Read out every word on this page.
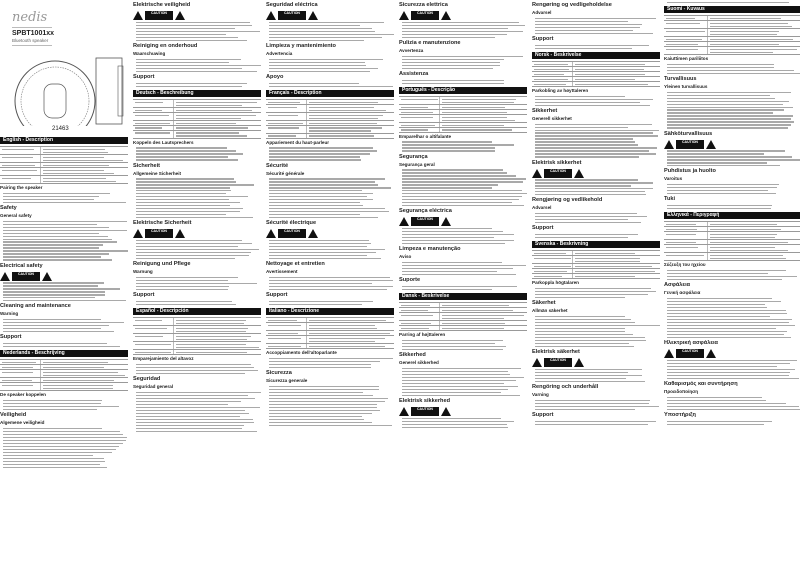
nedis
SPBT1001xx
Bluetooth speaker
21463
English - Description
Pairing the speaker
Safety
General safety
Electrical safety
CAUTION
Cleaning and maintenance
Warning
Support
Nederlands - Beschrijving
De speaker koppelen
Veiligheid
Algemene veiligheid
Elektrische veiligheid
CAUTION
Reiniging en onderhoud
Waarschuwing
Support
Deutsch - Beschreibung
Koppeln des Lautsprechers
Sicherheit
Allgemeine Sicherheit
Elektrische Sicherheit
CAUTION
Reinigung und Pflege
Warnung
Support
Español - Descripción
Emparejamiento del altavoz
Seguridad
Seguridad general
Seguridad eléctrica
CAUTION
Limpieza y mantenimiento
Advertencia
Apoyo
Français - Description
Appariement du haut-parleur
Sécurité
Sécurité générale
Sécurité électrique
CAUTION
Nettoyage et entretien
Avertissement
Support
Italiano - Descrizione
Accoppiamento dell'altoparlante
Sicurezza
Sicurezza generale
Sicurezza elettrica
CAUTION
Pulizia e manutenzione
Avvertenza
Assistenza
Português - Descrição
Emparelhar o altifalante
Segurança
Segurança geral
Segurança eléctrica
CAUTION
Limpeza e manutenção
Aviso
Suporte
Dansk - Beskrivelse
Parring af højttaleren
Sikkerhed
Generel sikkerhed
Elektrisk sikkerhed
CAUTION
Rengøring og vedligeholdelse
Advarsel
Support
Norsk - Beskrivelse
Parkobling av høyttaleren
Sikkerhet
Generell sikkerhet
Elektrisk sikkerhet
CAUTION
Rengjøring og vedlikehold
Advarsel
Support
Svenska - Beskrivning
Parkoppla högtalaren
Säkerhet
Allmän säkerhet
Elektrisk säkerhet
CAUTION
Rengöring och underhåll
Varning
Support
Suomi - Kuvaus
Kaiuttimen pariliitos
Turvallisuus
Yleinen turvallisuus
Sähköturvallisuus
CAUTION
Puhdistus ja huolto
Varoitus
Tuki
Ελληνικά - Περιγραφή
Σύζευξη του ηχείου
Ασφάλεια
Γενική ασφάλεια
Ηλεκτρική ασφάλεια
CAUTION
Καθαρισμός και συντήρηση
Προειδοποίηση
Υποστήριξη
